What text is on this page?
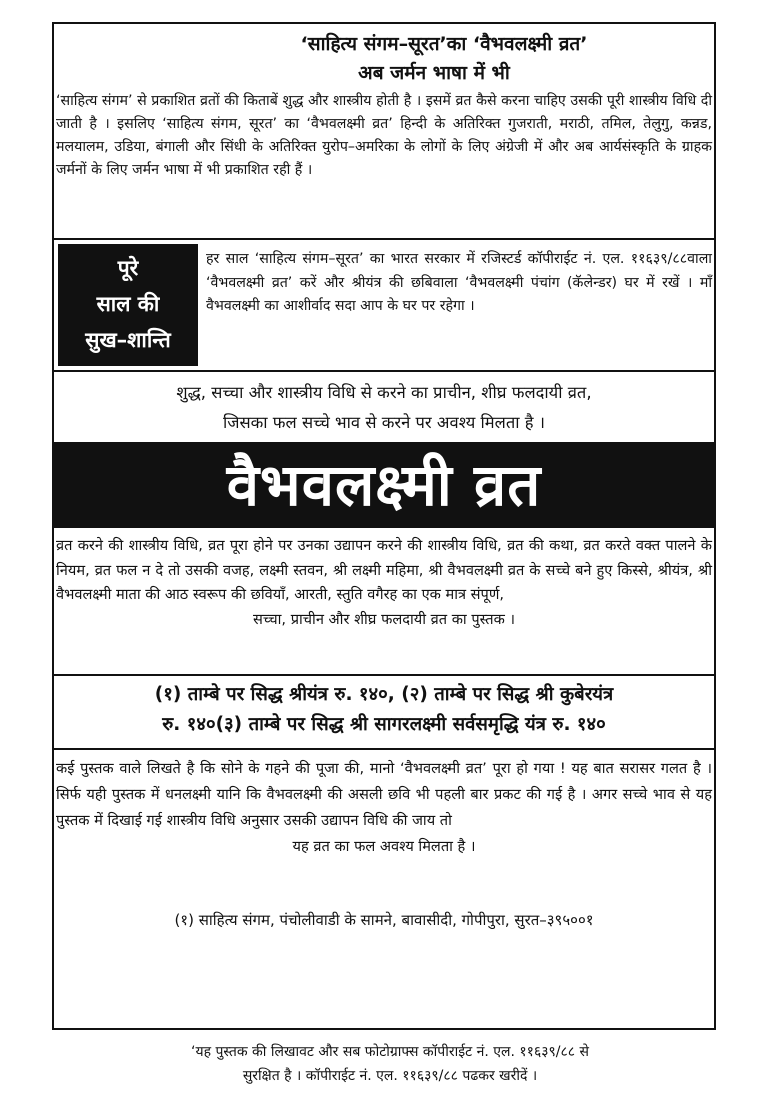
‘साहित्य संगम–सूरत’का ‘वैभवलक्ष्मी व्रत’
अब जर्मन भाषा में भी
‘साहित्य संगम’ से प्रकाशित व्रतों की किताबें शुद्ध और शास्त्रीय होती है । इसमें व्रत कैसे करना चाहिए उसकी पूरी शास्त्रीय विधि दी जाती है । इसलिए ‘साहित्य संगम, सूरत’ का ‘वैभवलक्ष्मी व्रत’ हिन्दी के अतिरिक्त गुजराती, मराठी, तमिल, तेलुगु, कन्नड, मलयालम, उडिया, बंगाली और सिंधी के अतिरिक्त युरोप–अमरिका के लोगों के लिए अंग्रेजी में और अब आर्यसंस्कृति के ग्राहक जर्मनों के लिए जर्मन भाषा में भी प्रकाशित रही हैं ।
पूरे
साल की
सुख–शान्ति
हर साल ‘साहित्य संगम–सूरत’ का भारत सरकार में रजिस्टर्ड कॉपीराईट नं. एल. ११६३९/८८वाला ‘वैभवलक्ष्मी व्रत’ करें और श्रीयंत्र की छबिवाला ‘वैभवलक्ष्मी पंचांग (कॅलेन्डर) घर में रखें । माँ वैभवलक्ष्मी का आशीर्वाद सदा आप के घर पर रहेगा ।
शुद्ध, सच्चा और शास्त्रीय विधि से करने का प्राचीन, शीघ्र फलदायी व्रत,
जिसका फल सच्चे भाव से करने पर अवश्य मिलता है ।
वैभवलक्ष्मी व्रत
व्रत करने की शास्त्रीय विधि, व्रत पूरा होने पर उनका उद्यापन करने की शास्त्रीय विधि, व्रत की कथा, व्रत करते वक्त पालने के नियम, व्रत फल न दे तो उसकी वजह, लक्ष्मी स्तवन, श्री लक्ष्मी महिमा, श्री वैभवलक्ष्मी व्रत के सच्चे बने हुए किस्से, श्रीयंत्र, श्री वैभवलक्ष्मी माता की आठ स्वरूप की छवियाँ, आरती, स्तुति वगैरह का एक मात्र संपूर्ण,
सच्चा, प्राचीन और शीघ्र फलदायी व्रत का पुस्तक ।
(१) ताम्बे पर सिद्ध श्रीयंत्र रु. १४०, (२) ताम्बे पर सिद्ध श्री कुबेरयंत्र
रु. १४०(३) ताम्बे पर सिद्ध श्री सागरलक्ष्मी सर्वसमृद्धि यंत्र रु. १४०
कई पुस्तक वाले लिखते है कि सोने के गहने की पूजा की, मानो ‘वैभवलक्ष्मी व्रत’ पूरा हो गया ! यह बात सरासर गलत है । सिर्फ यही पुस्तक में धनलक्ष्मी यानि कि वैभवलक्ष्मी की असली छवि भी पहली बार प्रकट की गई है । अगर सच्चे भाव से यह पुस्तक में दिखाई गई शास्त्रीय विधि अनुसार उसकी उद्यापन विधि की जाय तो
यह व्रत का फल अवश्य मिलता है ।
(१) साहित्य संगम, पंचोलीवाडी के सामने, बावासीदी, गोपीपुरा, सुरत–३९५००१
‘यह पुस्तक की लिखावट और सब फोटोग्राफ्स कॉपीराईट नं. एल. ११६३९/८८ से
सुरक्षित है । कॉपीराईट नं. एल. ११६३९/८८ पढकर खरीदें ।
